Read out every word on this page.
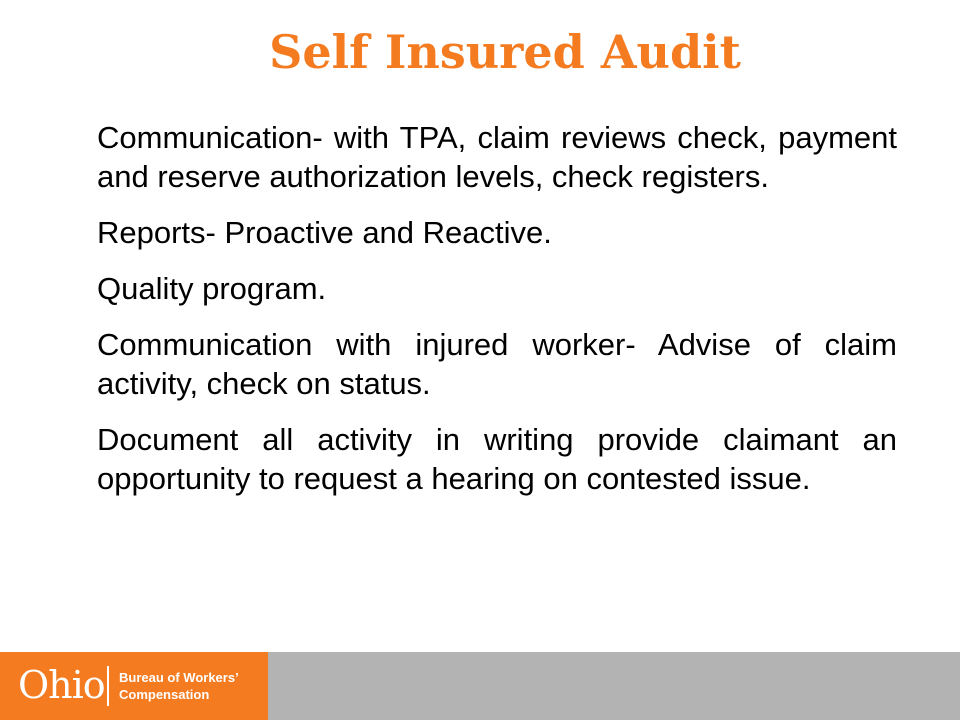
Self Insured Audit
Communication- with TPA, claim reviews check, payment and reserve authorization levels, check registers.
Reports- Proactive and Reactive.
Quality program.
Communication with injured worker- Advise of claim activity, check on status.
Document all activity in writing provide claimant an opportunity to request a hearing on contested issue.
Ohio Bureau of Workers’
Compensation
